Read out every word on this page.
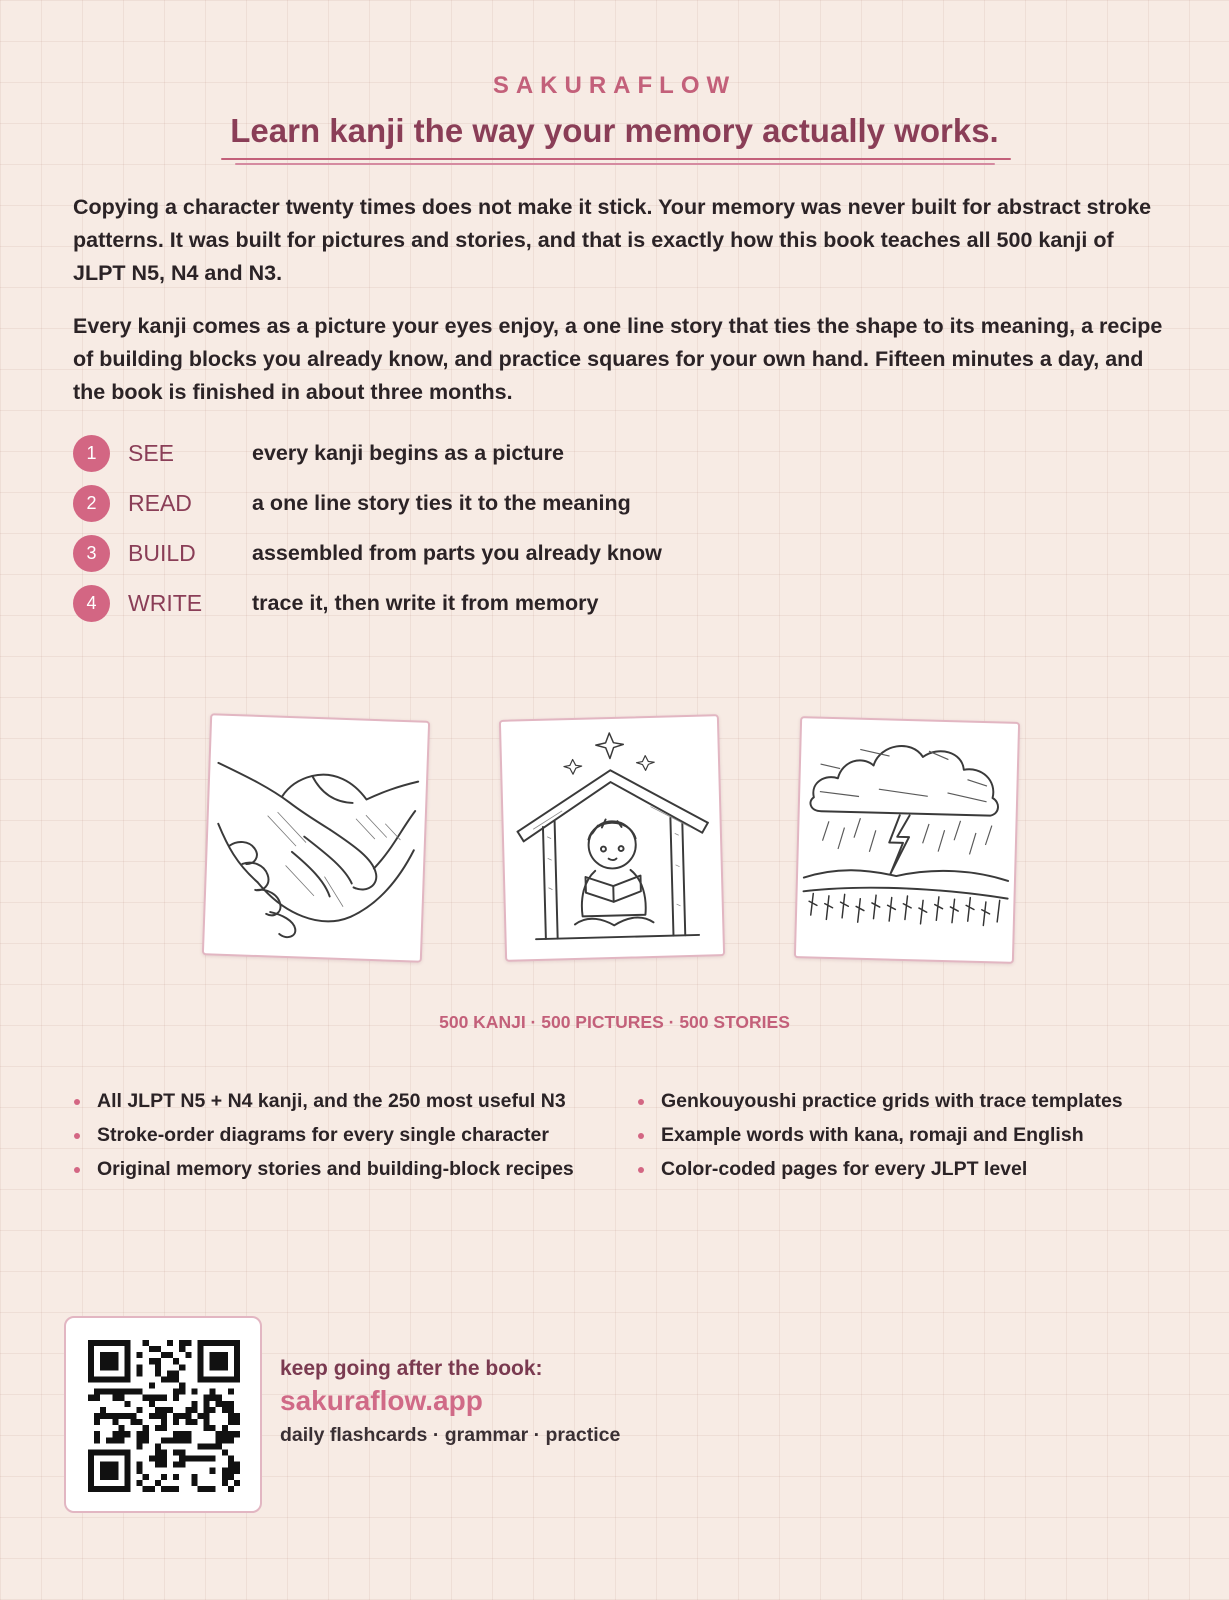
SAKURAFLOW
Learn kanji the way your memory actually works.

Copying a character twenty times does not make it stick. Your memory was never built for abstract stroke patterns. It was built for pictures and stories, and that is exactly how this book teaches all 500 kanji of JLPT N5, N4 and N3.

Every kanji comes as a picture your eyes enjoy, a one line story that ties the shape to its meaning, a recipe of building blocks you already know, and practice squares for your own hand. Fifteen minutes a day, and the book is finished in about three months.

1	SEE	every kanji begins as a picture
2	READ	a one line story ties it to the meaning
3	BUILD	assembled from parts you already know
4	WRITE trace it, then write it from memory
500 KANJI · 500 PICTURES · 500 STORIES
All JLPT N5 + N4 kanji, and the 250 most useful N3
Stroke-order diagrams for every single character
Original memory stories and building-block recipes
Genkouyoushi practice grids with trace templates
Example words with kana, romaji and English
Color-coded pages for every JLPT level
keep going after the book:
sakuraflow.app
daily flashcards · grammar · practice
